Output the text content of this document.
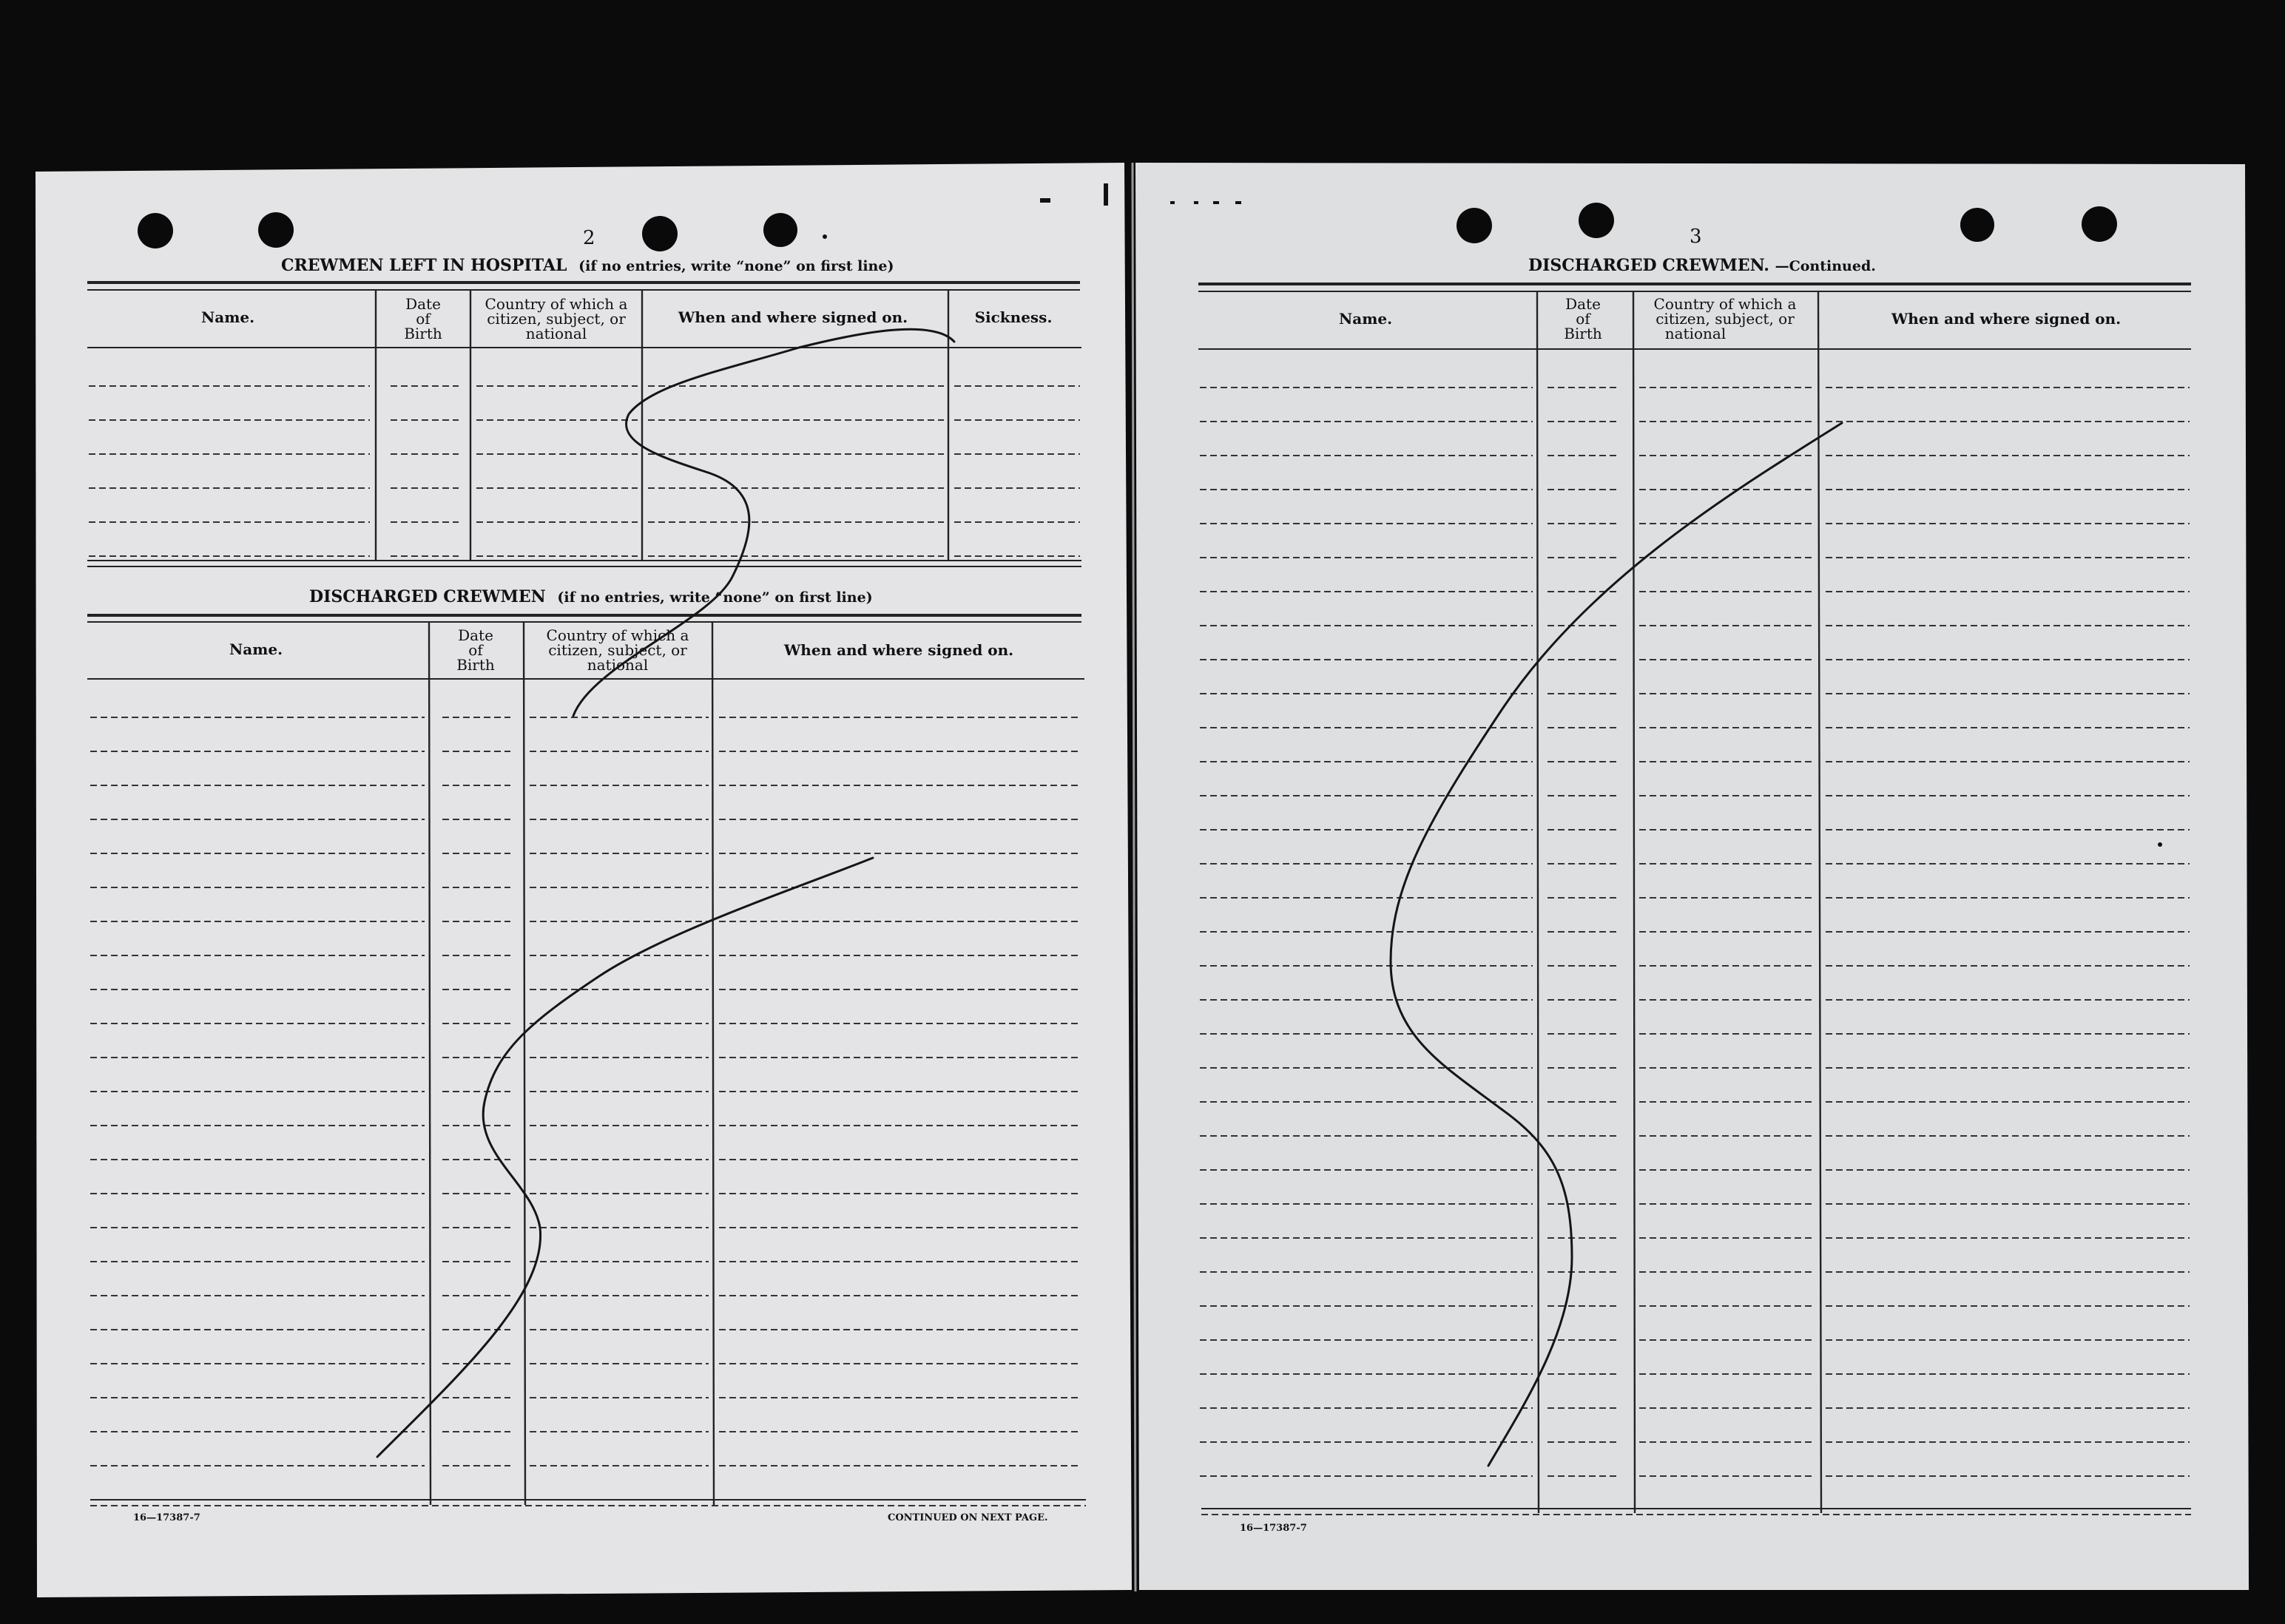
2
CREWMEN LEFT IN HOSPITAL (if no entries, write “none” on first line)
Name.
Date
of
Birth
Country of which a
citizen, subject, or
national
When and where signed on.	Sickness.
DISCHARGED CREWMEN (if no entries, write “none” on first line)
Name.
Date
of
Birth
Country of which a
citizen, subject, or
national
When and where signed on.
16—17387-7	CONTINUED ON NEXT PAGE.
3
DISCHARGED CREWMEN. —Continued.
Name.
Date
of
Birth
Country of which a
citizen, subject, or
national
When and where signed on.
16—17387-7
